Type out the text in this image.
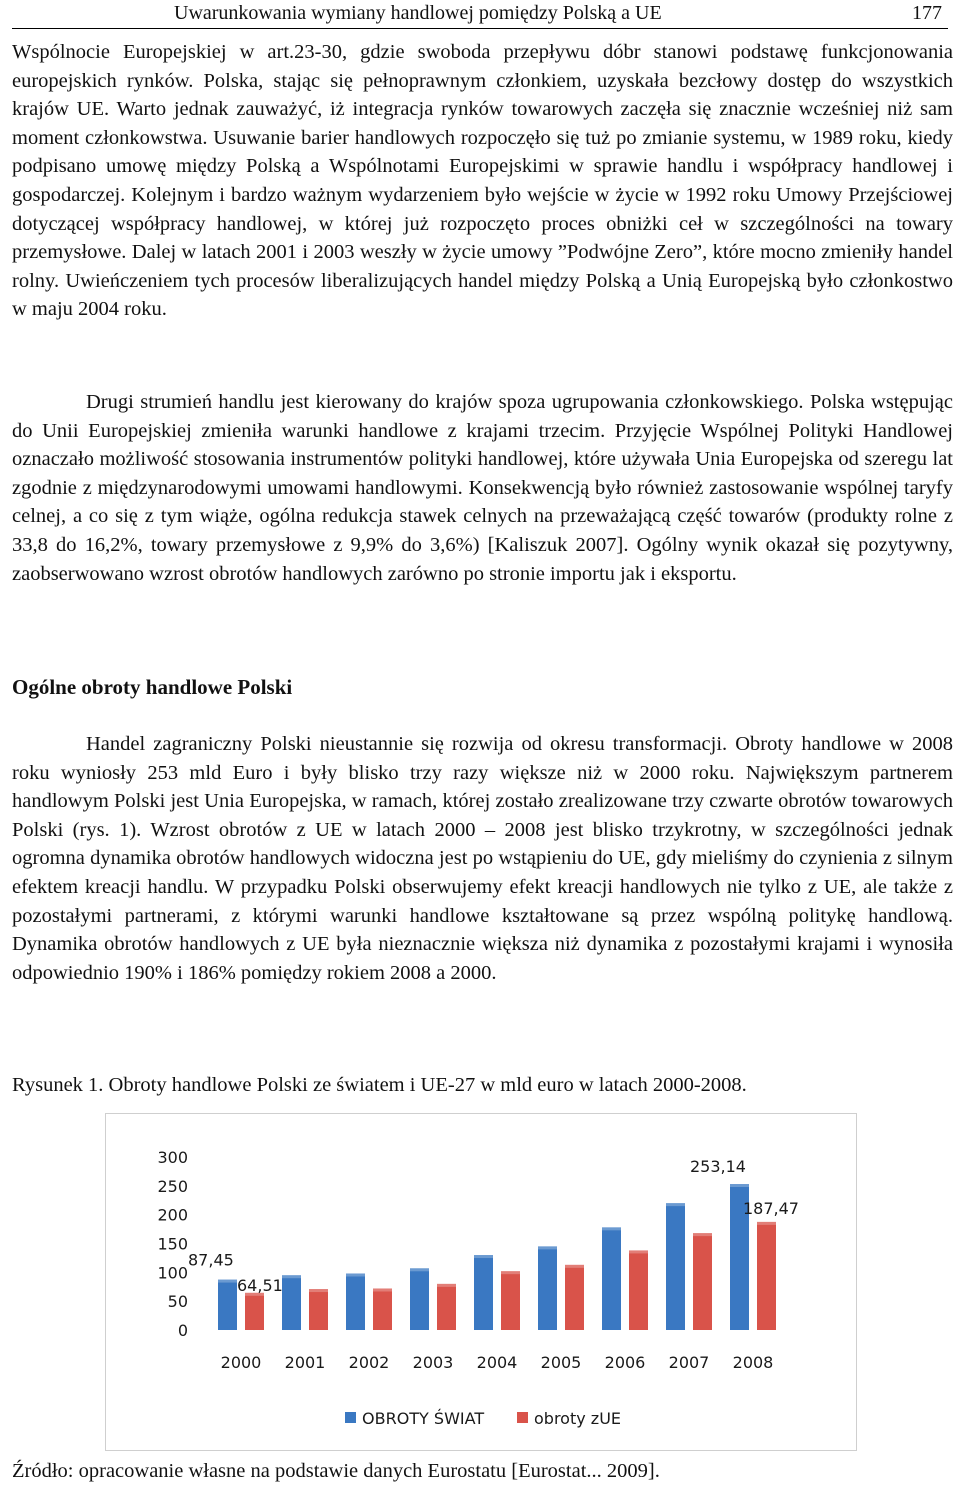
Uwarunkowania wymiany handlowej pomiędzy Polską a UE	177

Wspólnocie Europejskiej w art.23-30, gdzie swoboda przepływu dóbr stanowi podstawę funkcjonowania europejskich rynków. Polska, stając się pełnoprawnym członkiem, uzyskała bezcłowy dostęp do wszystkich krajów UE. Warto jednak zauważyć, iż integracja rynków towarowych zaczęła się znacznie wcześniej niż sam moment członkowstwa. Usuwanie barier handlowych rozpoczęło się tuż po zmianie systemu, w 1989 roku, kiedy podpisano umowę między Polską a Wspólnotami Europejskimi w sprawie handlu i współpracy handlowej i gospodarczej. Kolejnym i bardzo ważnym wydarzeniem było wejście w życie w 1992 roku Umowy Przejściowej dotyczącej współpracy handlowej, w której już rozpoczęto proces obniżki ceł w szczególności na towary przemysłowe. Dalej w latach 2001 i 2003 weszły w życie umowy ”Podwójne Zero”, które mocno zmieniły handel rolny. Uwieńczeniem tych procesów liberalizujących handel między Polską a Unią Europejską było członkostwo w maju 2004 roku.

Drugi strumień handlu jest kierowany do krajów spoza ugrupowania członkowskiego. Polska wstępując do Unii Europejskiej zmieniła warunki handlowe z krajami trzecim. Przyjęcie Wspólnej Polityki Handlowej oznaczało możliwość stosowania instrumentów polityki handlowej, które używała Unia Europejska od szeregu lat zgodnie z międzynarodowymi umowami handlowymi. Konsekwencją było również zastosowanie wspólnej taryfy celnej, a co się z tym wiąże, ogólna redukcja stawek celnych na przeważającą część towarów (produkty rolne z 33,8 do 16,2%, towary przemysłowe z 9,9% do 3,6%) [Kaliszuk 2007]. Ogólny wynik okazał się pozytywny, zaobserwowano wzrost obrotów handlowych zarówno po stronie importu jak i eksportu.

Ogólne obroty handlowe Polski

Handel zagraniczny Polski nieustannie się rozwija od okresu transformacji. Obroty handlowe w 2008 roku wyniosły 253 mld Euro i były blisko trzy razy większe niż w 2000 roku. Największym partnerem handlowym Polski jest Unia Europejska, w ramach, której zostało zrealizowane trzy czwarte obrotów towarowych Polski (rys. 1). Wzrost obrotów z UE w latach 2000 – 2008 jest blisko trzykrotny, w szczególności jednak ogromna dynamika obrotów handlowych widoczna jest po wstąpieniu do UE, gdy mieliśmy do czynienia z silnym efektem kreacji handlu. W przypadku Polski obserwujemy efekt kreacji handlowych nie tylko z UE, ale także z pozostałymi partnerami, z którymi warunki handlowe kształtowane są przez wspólną politykę handlową. Dynamika obrotów handlowych z UE była nieznacznie większa niż dynamika z pozostałymi krajami i wynosiła odpowiednio 190% i 186% pomiędzy rokiem 2008 a 2000.

Rysunek 1. Obroty handlowe Polski ze światem i UE-27 w mld euro w latach 2000-2008.

300
250
200
150
100
50
0
2000 2001 2002 2003 2004 2005 2006 2007 2008
87,45
64,51
253,14
187,47
OBROTY ŚWIAT	obroty zUE

Źródło: opracowanie własne na podstawie danych Eurostatu [Eurostat... 2009].
